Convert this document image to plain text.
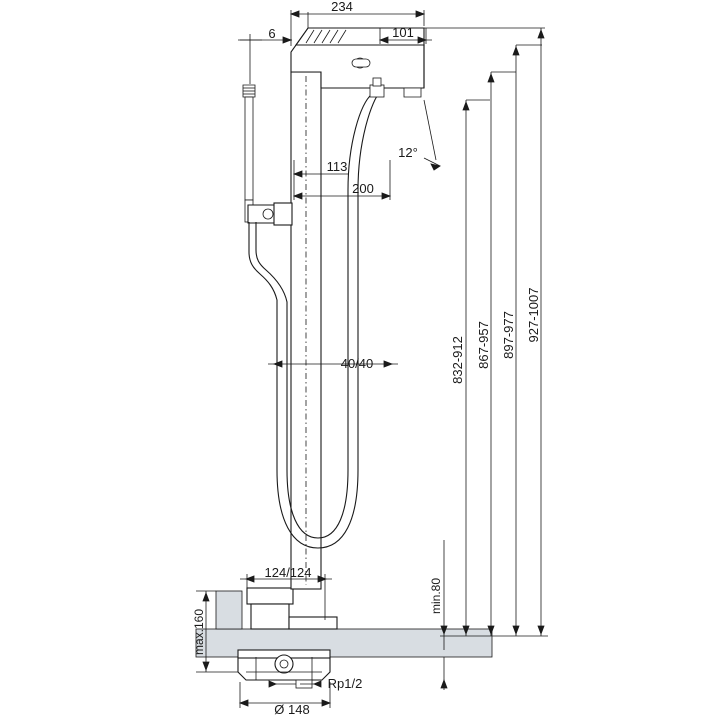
234
6	101
113
200
12°
40/40
124/124
Rp1/2
Ø 148
832-912 867-957 897-977 927-1007
min.80
max.160
